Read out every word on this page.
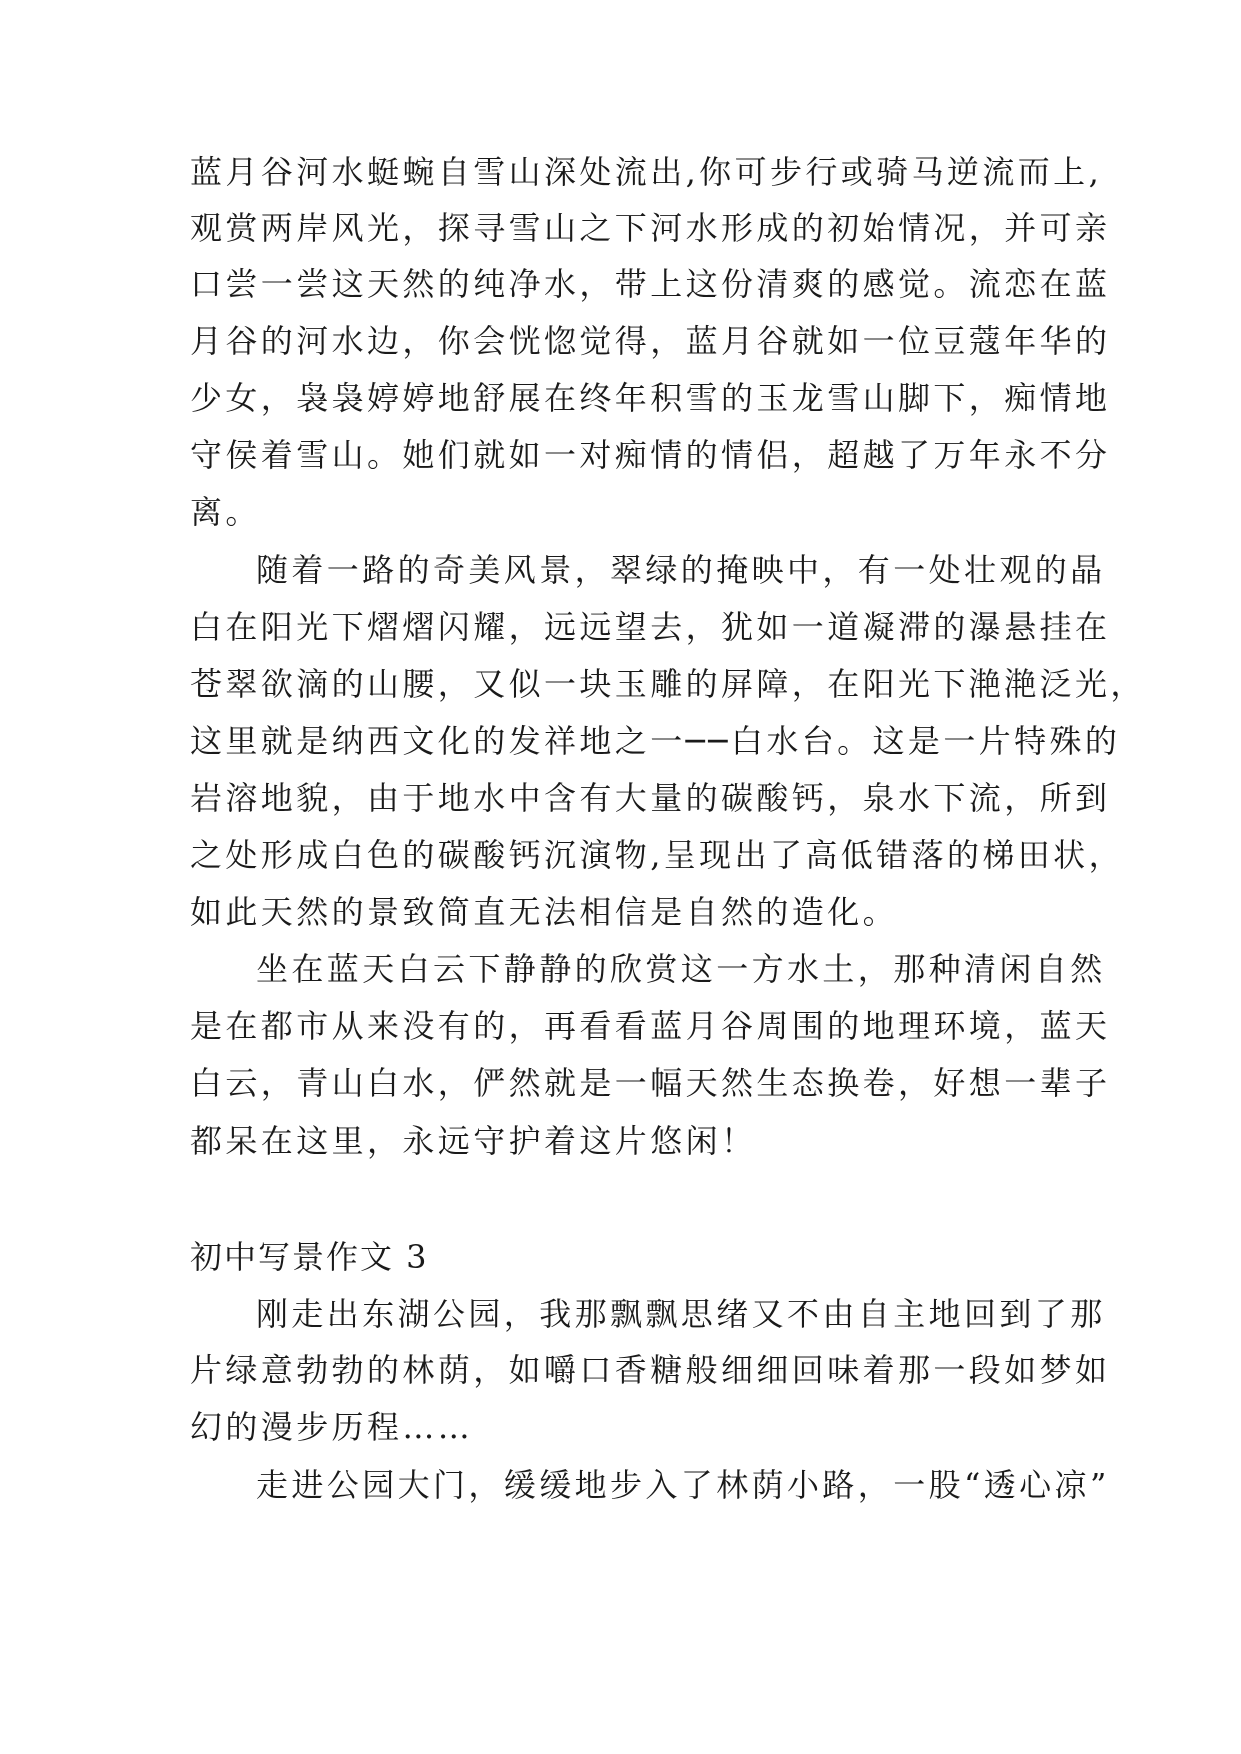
蓝月谷河水蜓蜿自雪山深处流出,你可步行或骑马逆流而上,

观赏两岸风光，探寻雪山之下河水形成的初始情况，并可亲

口尝一尝这天然的纯净水，带上这份清爽的感觉。流恋在蓝

月谷的河水边，你会恍惚觉得，蓝月谷就如一位豆蔻年华的

少女，袅袅婷婷地舒展在终年积雪的玉龙雪山脚下，痴情地

守侯着雪山。她们就如一对痴情的情侣，超越了万年永不分

离。

随着一路的奇美风景，翠绿的掩映中，有一处壮观的晶

白在阳光下熠熠闪耀，远远望去，犹如一道凝滞的瀑悬挂在

苍翠欲滴的山腰，又似一块玉雕的屏障，在阳光下滟滟泛光，

这里就是纳西文化的发祥地之一──白水台。这是一片特殊的

岩溶地貌，由于地水中含有大量的碳酸钙，泉水下流，所到

之处形成白色的碳酸钙沉演物,呈现出了高低错落的梯田状，

如此天然的景致简直无法相信是自然的造化。

坐在蓝天白云下静静的欣赏这一方水土，那种清闲自然

是在都市从来没有的，再看看蓝月谷周围的地理环境，蓝天

白云，青山白水，俨然就是一幅天然生态换卷，好想一辈子

都呆在这里，永远守护着这片悠闲！

初中写景作文 3

刚走出东湖公园，我那飘飘思绪又不由自主地回到了那

片绿意勃勃的林荫，如嚼口香糖般细细回味着那一段如梦如

幻的漫步历程……

走进公园大门，缓缓地步入了林荫小路，一股“透心凉”
